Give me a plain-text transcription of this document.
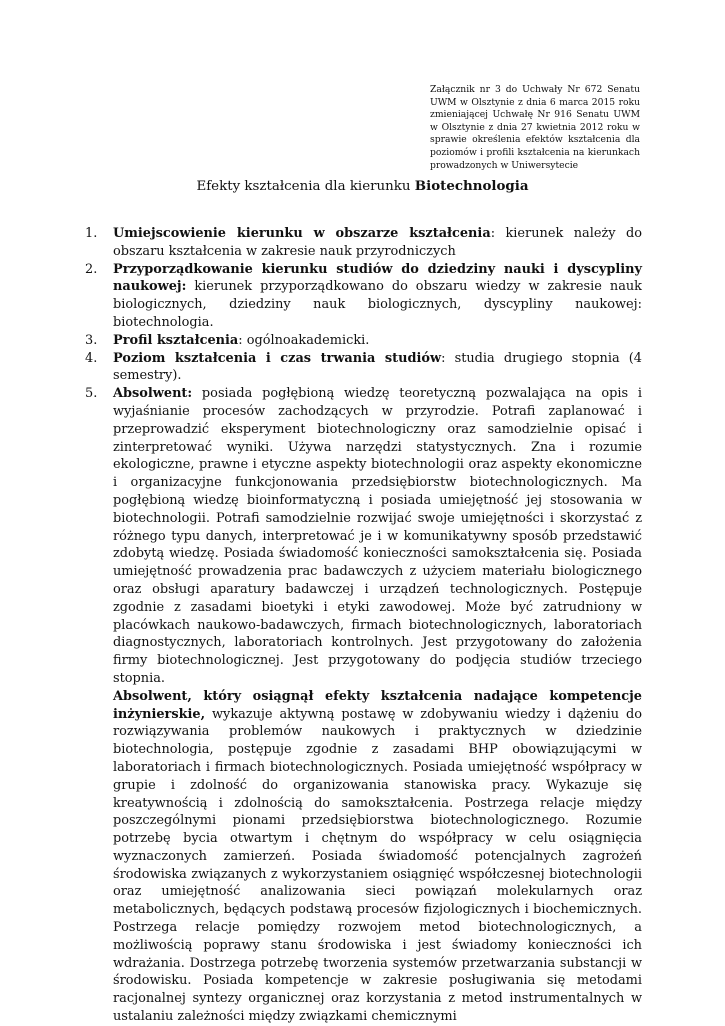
Załącznik nr 3 do Uchwały Nr 672 Senatu UWM w Olsztynie z dnia 6 marca 2015 roku zmieniającej Uchwałę Nr 916 Senatu UWM w Olsztynie z dnia 27 kwietnia 2012 roku w sprawie określenia efektów kształcenia dla poziomów i profili kształcenia na kierunkach prowadzonych w Uniwersytecie
Efekty kształcenia dla kierunku Biotechnologia
1. Umiejscowienie kierunku w obszarze kształcenia: kierunek należy do obszaru kształcenia w zakresie nauk przyrodniczych
2. Przyporządkowanie kierunku studiów do dziedziny nauki i dyscypliny naukowej: kierunek przyporządkowano do obszaru wiedzy w zakresie nauk biologicznych, dziedziny nauk biologicznych, dyscypliny naukowej: biotechnologia.
3. Profil kształcenia: ogólnoakademicki.
4. Poziom kształcenia i czas trwania studiów: studia drugiego stopnia (4 semestry).
5. Absolwent: posiada pogłębioną wiedzę teoretyczną pozwalająca na opis i wyjaśnianie procesów zachodzących w przyrodzie. Potrafi zaplanować i przeprowadzić eksperyment biotechnologiczny oraz samodzielnie opisać i zinterpretować wyniki. Używa narzędzi statystycznych. Zna i rozumie ekologiczne, prawne i etyczne aspekty biotechnologii oraz aspekty ekonomiczne i organizacyjne funkcjonowania przedsiębiorstw biotechnologicznych. Ma pogłębioną wiedzę bioinformatyczną i posiada umiejętność jej stosowania w biotechnologii. Potrafi samodzielnie rozwijać swoje umiejętności i skorzystać z różnego typu danych, interpretować je i w komunikatywny sposób przedstawić zdobytą wiedzę. Posiada świadomość konieczności samokształcenia się. Posiada umiejętność prowadzenia prac badawczych z użyciem materiału biologicznego oraz obsługi aparatury badawczej i urządzeń technologicznych. Postępuje zgodnie z zasadami bioetyki i etyki zawodowej. Może być zatrudniony w placówkach naukowo-badawczych, firmach biotechnologicznych, laboratoriach diagnostycznych, laboratoriach kontrolnych. Jest przygotowany do założenia firmy biotechnologicznej. Jest przygotowany do podjęcia studiów trzeciego stopnia.
Absolwent, który osiągnął efekty kształcenia nadające kompetencje inżynierskie, wykazuje aktywną postawę w zdobywaniu wiedzy i dążeniu do rozwiązywania problemów naukowych i praktycznych w dziedzinie biotechnologia, postępuje zgodnie z zasadami BHP obowiązującymi w laboratoriach i firmach biotechnologicznych. Posiada umiejętność współpracy w grupie i zdolność do organizowania stanowiska pracy. Wykazuje się kreatywnością i zdolnością do samokształcenia. Postrzega relacje między poszczególnymi pionami przedsiębiorstwa biotechnologicznego. Rozumie potrzebę bycia otwartym i chętnym do współpracy w celu osiągnięcia wyznaczonych zamierzeń. Posiada świadomość potencjalnych zagrożeń środowiska związanych z wykorzystaniem osiągnięć współczesnej biotechnologii oraz umiejętność analizowania sieci powiązań molekularnych oraz metabolicznych, będących podstawą procesów fizjologicznych i biochemicznych. Postrzega relacje pomiędzy rozwojem metod biotechnologicznych, a możliwością poprawy stanu środowiska i jest świadomy konieczności ich wdrażania. Dostrzega potrzebę tworzenia systemów przetwarzania substancji w środowisku. Posiada kompetencje w zakresie posługiwania się metodami racjonalnej syntezy organicznej oraz korzystania z metod instrumentalnych w ustalaniu zależności między związkami chemicznymi
